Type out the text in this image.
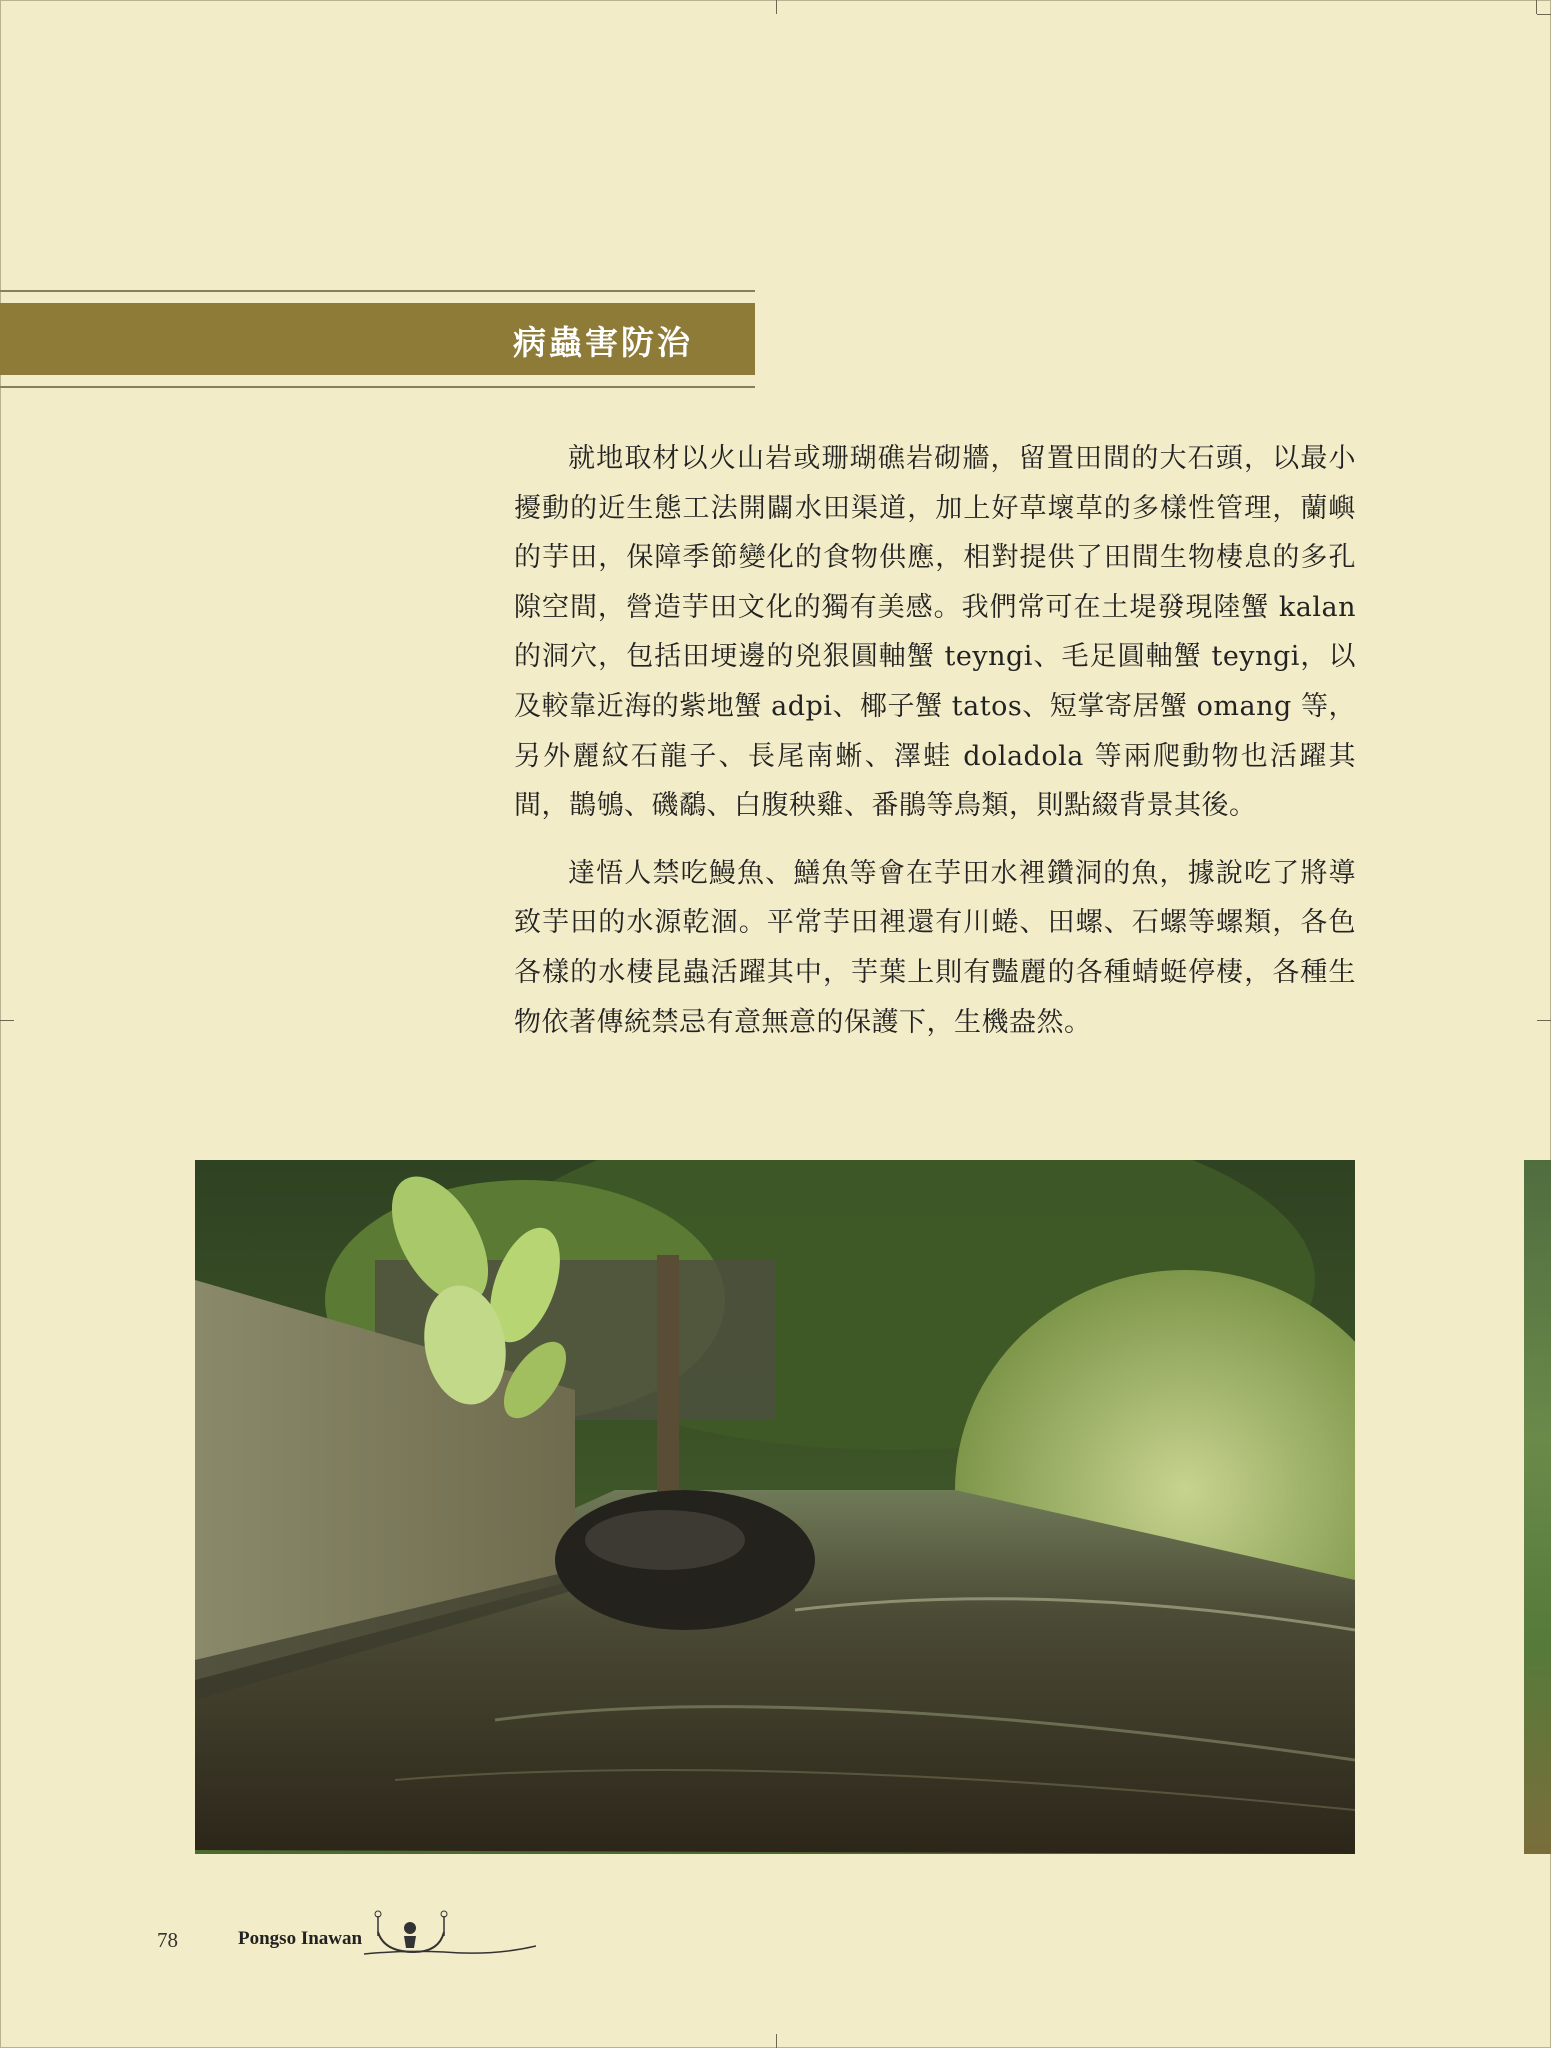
病蟲害防治

就地取材以火山岩或珊瑚礁岩砌牆，留置田間的大石頭，以最小擾動的近生態工法開闢水田渠道，加上好草壞草的多樣性管理，蘭嶼的芋田，保障季節變化的食物供應，相對提供了田間生物棲息的多孔隙空間，營造芋田文化的獨有美感。我們常可在土堤發現陸蟹 kalan 的洞穴，包括田埂邊的兇狠圓軸蟹 teyngi、毛足圓軸蟹 teyngi，以及較靠近海的紫地蟹 adpi、椰子蟹 tatos、短掌寄居蟹 omang 等，另外麗紋石龍子、長尾南蜥、澤蛙 doladola 等兩爬動物也活躍其間，鵲鴝、磯鷸、白腹秧雞、番鵑等鳥類，則點綴背景其後。

達悟人禁吃鰻魚、鱔魚等會在芋田水裡鑽洞的魚，據說吃了將導致芋田的水源乾涸。平常芋田裡還有川蜷、田螺、石螺等螺類，各色各樣的水棲昆蟲活躍其中，芋葉上則有豔麗的各種蜻蜓停棲，各種生物依著傳統禁忌有意無意的保護下，生機盎然。

78	Pongso Inawan
